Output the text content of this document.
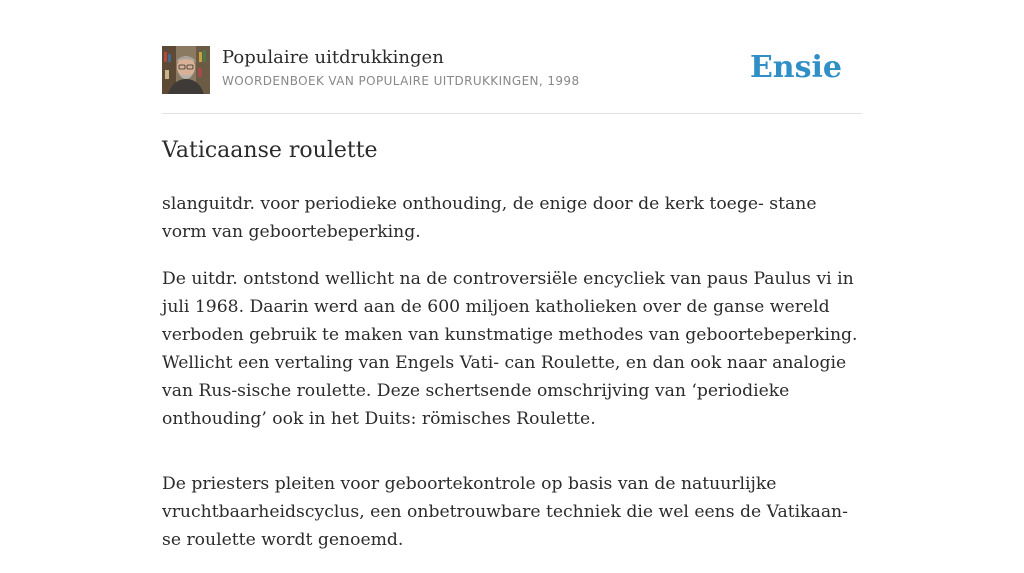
Populaire uitdrukkingen
WOORDENBOEK VAN POPULAIRE UITDRUKKINGEN, 1998	Ensie
Vaticaanse roulette

slanguitdr. voor periodieke onthouding, de enige door de kerk toege- stane vorm van geboortebeperking.

De uitdr. ontstond wellicht na de controversiële encycliek van paus Paulus vi in juli 1968. Daarin werd aan de 600 miljoen katholieken over de ganse wereld verboden gebruik te maken van kunstmatige methodes van geboortebeperking. Wellicht een vertaling van Engels Vati- can Roulette, en dan ook naar analogie van Rus-sische roulette. Deze schertsende omschrijving van ‘periodieke onthouding’ ook in het Duits: römisches Roulette.

De priesters pleiten voor geboortekontrole op basis van de natuurlijke vruchtbaarheidscyclus, een onbetrouwbare techniek die wel eens de Vatikaan- se roulette wordt genoemd.
